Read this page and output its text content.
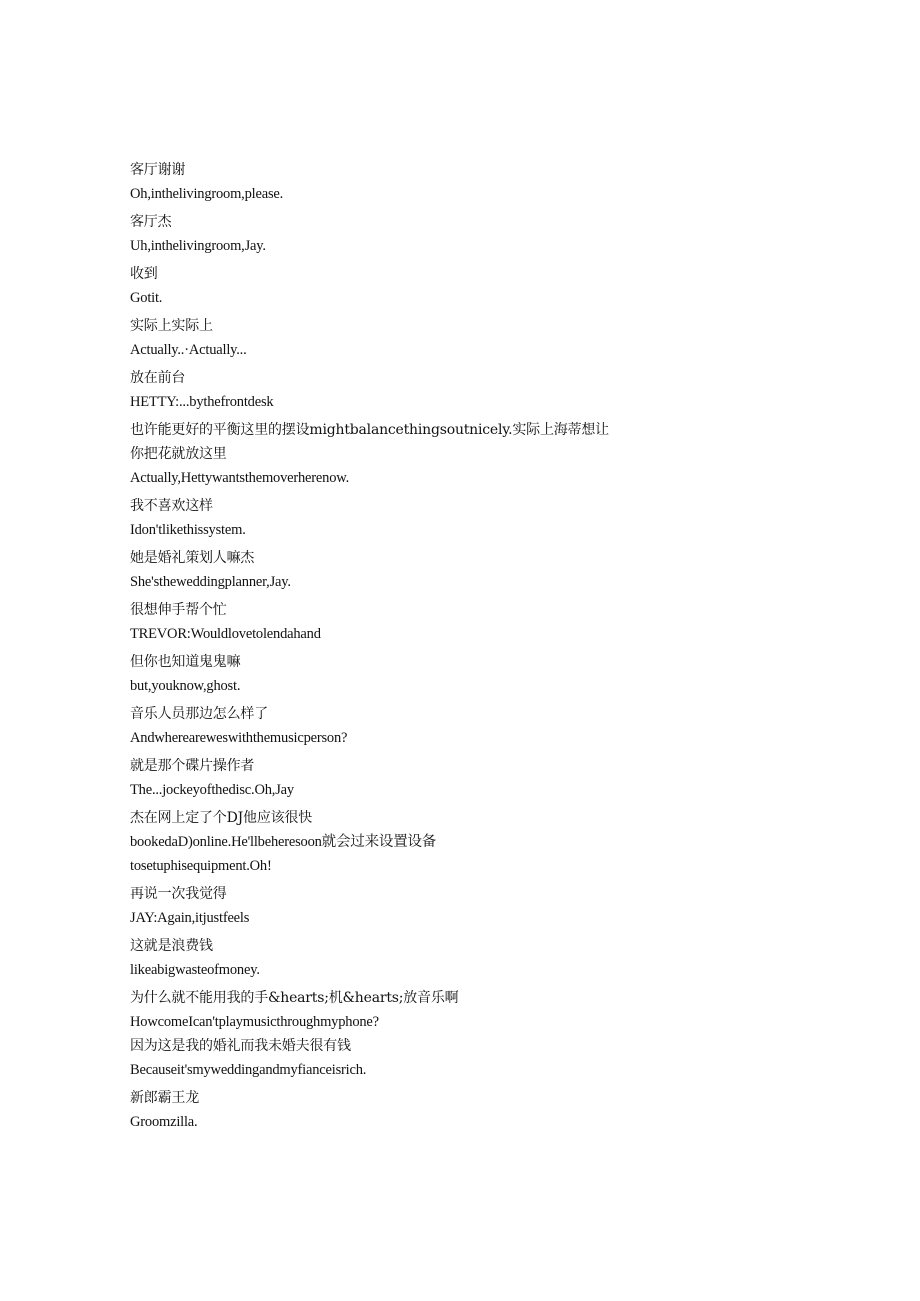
客厅谢谢
Oh,inthelivingroom,please.
客厅杰
Uh,inthelivingroom,Jay.
收到
Gotit.
实际上实际上
Actually..·Actually...
放在前台
HETTY:...bythefrontdesk
也许能更好的平衡这里的摆设mightbalancethingsoutnicely.实际上海蒂想让
你把花就放这里
Actually,Hettywantsthemoverherenow.
我不喜欢这样
Idon'tlikethissystem.
她是婚礼策划人嘛杰
She'stheweddingplanner,Jay.
很想伸手帮个忙
TREVOR:Wouldlovetolendahand
但你也知道鬼鬼嘛
but,youknow,ghost.
音乐人员那边怎么样了
Andwhereareweswiththemusicperson?
就是那个碟片操作者
The...jockeyofthedisc.Oh,Jay
杰在网上定了个DJ他应该很快
bookedaD)online.He'llbeheresoon就会过来设置设备
tosetuphisequipment.Oh!
再说一次我觉得
JAY:Again,itjustfeels
这就是浪费钱
likeabigwasteofmoney.
为什么就不能用我的手&hearts;机&hearts;放音乐啊
HowcomeIcan'tplaymusicthroughmyphone?
因为这是我的婚礼而我未婚夫很有钱
Becauseit'smyweddingandmyfianceisrich.
新郎霸王龙
Groomzilla.
